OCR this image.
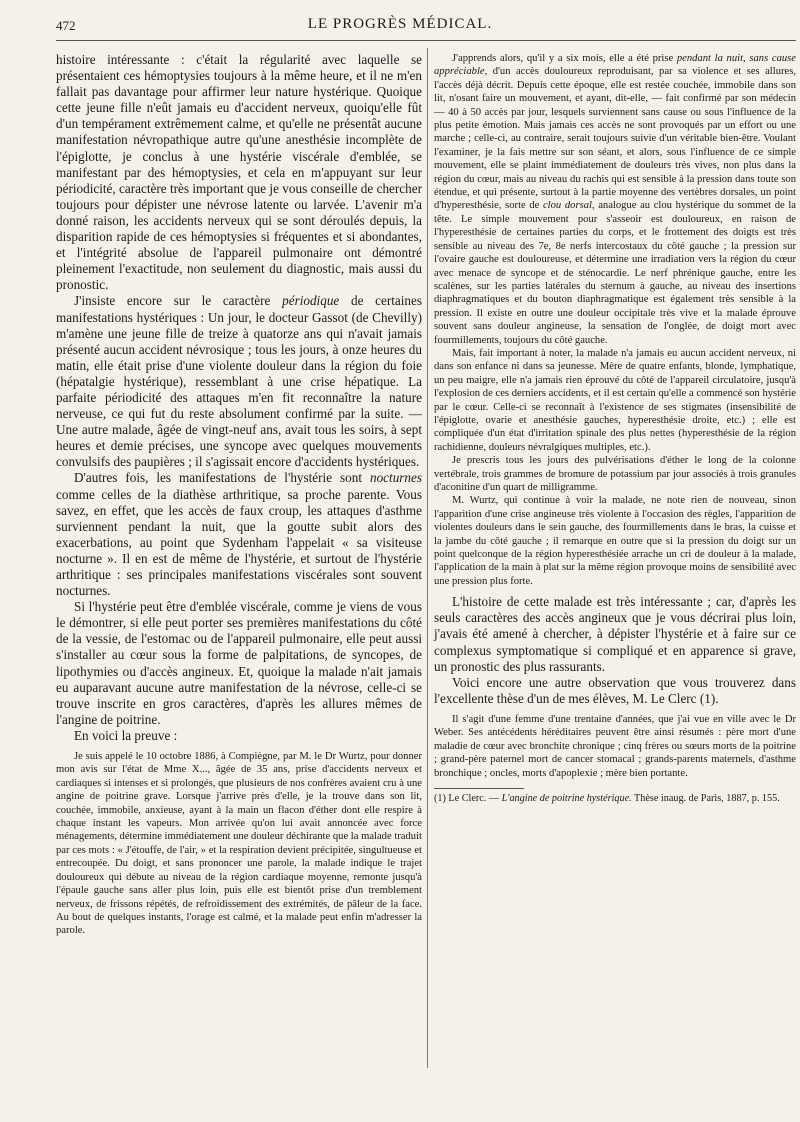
472	LE PROGRÈS MÉDICAL.

histoire intéressante : c'était la régularité avec laquelle se présentaient ces hémoptysies toujours à la même heure, et il ne m'en fallait pas davantage pour affirmer leur nature hystérique. Quoique cette jeune fille n'eût jamais eu d'accident nerveux, quoiqu'elle fût d'un tempérament extrêmement calme, et qu'elle ne présentât aucune manifestation névropathique autre qu'une anesthésie incomplète de l'épiglotte, je conclus à une hystérie viscérale d'emblée, se manifestant par des hémoptysies, et cela en m'appuyant sur leur périodicité, caractère très important que je vous conseille de chercher toujours pour dépister une névrose latente ou larvée. L'avenir m'a donné raison, les accidents nerveux qui se sont déroulés depuis, la disparition rapide de ces hémoptysies si fréquentes et si abondantes, et l'intégrité absolue de l'appareil pulmonaire ont démontré pleinement l'exactitude, non seulement du diagnostic, mais aussi du pronostic.

J'insiste encore sur le caractère périodique de certaines manifestations hystériques : Un jour, le docteur Gassot (de Chevilly) m'amène une jeune fille de treize à quatorze ans qui n'avait jamais présenté aucun accident névrosique ; tous les jours, à onze heures du matin, elle était prise d'une violente douleur dans la région du foie (hépatalgie hystérique), ressemblant à une crise hépatique. La parfaite périodicité des attaques m'en fit reconnaître la nature nerveuse, ce qui fut du reste absolument confirmé par la suite. — Une autre malade, âgée de vingt-neuf ans, avait tous les soirs, à sept heures et demie précises, une syncope avec quelques mouvements convulsifs des paupières ; il s'agissait encore d'accidents hystériques.

D'autres fois, les manifestations de l'hystérie sont nocturnes comme celles de la diathèse arthritique, sa proche parente. Vous savez, en effet, que les accès de faux croup, les attaques d'asthme surviennent pendant la nuit, que la goutte subit alors des exacerbations, au point que Sydenham l'appelait « sa visiteuse nocturne ». Il en est de même de l'hystérie, et surtout de l'hystérie arthritique : ses principales manifestations viscérales sont souvent nocturnes.

Si l'hystérie peut être d'emblée viscérale, comme je viens de vous le démontrer, si elle peut porter ses premières manifestations du côté de la vessie, de l'estomac ou de l'appareil pulmonaire, elle peut aussi s'installer au cœur sous la forme de palpitations, de syncopes, de lipothymies ou d'accès angineux. Et, quoique la malade n'ait jamais eu auparavant aucune autre manifestation de la névrose, celle-ci se trouve inscrite en gros caractères, d'après les allures mêmes de l'angine de poitrine.

En voici la preuve :

Je suis appelé le 10 octobre 1886, à Compiègne, par M. le Dr Wurtz, pour donner mon avis sur l'état de Mme X..., âgée de 35 ans, prise d'accidents nerveux et cardiaques si intenses et si prolongés, que plusieurs de nos confrères avaient cru à une angine de poitrine grave. Lorsque j'arrive près d'elle, je la trouve dans son lit, couchée, immobile, anxieuse, ayant à la main un flacon d'éther dont elle respire à chaque instant les vapeurs. Mon arrivée qu'on lui avait annoncée avec force ménagements, détermine immédiatement une douleur déchirante que la malade traduit par ces mots : « J'étouffe, de l'air, » et la respiration devient précipitée, singultueuse et entrecoupée. Du doigt, et sans prononcer une parole, la malade indique le trajet douloureux qui débute au niveau de la région cardiaque moyenne, remonte jusqu'à l'épaule gauche sans aller plus loin, puis elle est bientôt prise d'un tremblement nerveux, de frissons répétés, de refroidissement des extrémités, de pâleur de la face. Au bout de quelques instants, l'orage est calmé, et la malade peut enfin m'adresser la parole.

J'apprends alors, qu'il y a six mois, elle a été prise pendant la nuit, sans cause appréciable, d'un accès douloureux reproduisant, par sa violence et ses allures, l'accès déjà décrit. Depuis cette époque, elle est restée couchée, immobile dans son lit, n'osant faire un mouvement, et ayant, dit-elle, — fait confirmé par son médecin — 40 à 50 accès par jour, lesquels surviennent sans cause ou sous l'influence de la plus petite émotion. Mais jamais ces accès ne sont provoqués par un effort ou une marche ; celle-ci, au contraire, serait toujours suivie d'un véritable bien-être. Voulant l'examiner, je la fais mettre sur son séant, et alors, sous l'influence de ce simple mouvement, elle se plaint immédiatement de douleurs très vives, non plus dans la région du cœur, mais au niveau du rachis qui est sensible à la pression dans toute son étendue, et qui présente, surtout à la partie moyenne des vertèbres dorsales, un point d'hyperesthésie, sorte de clou dorsal, analogue au clou hystérique du sommet de la tête. Le simple mouvement pour s'asseoir est douloureux, en raison de l'hyperesthésie de certaines parties du corps, et le frottement des doigts est très sensible au niveau des 7e, 8e nerfs intercostaux du côté gauche ; la pression sur l'ovaire gauche est douloureuse, et détermine une irradiation vers la région du cœur avec menace de syncope et de sténocardie. Le nerf phrénique gauche, entre les scalènes, sur les parties latérales du sternum à gauche, au niveau des insertions diaphragmatiques et du bouton diaphragmatique est également très sensible à la pression. Il existe en outre une douleur occipitale très vive et la malade éprouve souvent sans douleur angineuse, la sensation de l'onglée, de doigt mort avec fourmillements, toujours du côté gauche.

Mais, fait important à noter, la malade n'a jamais eu aucun accident nerveux, ni dans son enfance ni dans sa jeunesse. Mère de quatre enfants, blonde, lymphatique, un peu maigre, elle n'a jamais rien éprouvé du côté de l'appareil circulatoire, jusqu'à l'explosion de ces derniers accidents, et il est certain qu'elle a commencé son hystérie par le cœur. Celle-ci se reconnaît à l'existence de ses stigmates (insensibilité de l'épiglotte, ovarie et anesthésie gauches, hyperesthésie droite, etc.) ; elle est compliquée d'un état d'irritation spinale des plus nettes (hyperesthésie de la région rachidienne, douleurs névralgiques multiples, etc.).

Je prescris tous les jours des pulvérisations d'éther le long de la colonne vertébrale, trois grammes de bromure de potassium par jour associés à trois granules d'aconitine d'un quart de milligramme.

M. Wurtz, qui continue à voir la malade, ne note rien de nouveau, sinon l'apparition d'une crise angineuse très violente à l'occasion des règles, l'apparition de violentes douleurs dans le sein gauche, des fourmillements dans le bras, la cuisse et la jambe du côté gauche ; il remarque en outre que si la pression du doigt sur un point quelconque de la région hyperesthésiée arrache un cri de douleur à la malade, l'application de la main à plat sur la même région provoque moins de sensibilité avec une pression plus forte.

L'histoire de cette malade est très intéressante ; car, d'après les seuls caractères des accès angineux que je vous décrirai plus loin, j'avais été amené à chercher, à dépister l'hystérie et à faire sur ce complexus symptomatique si compliqué et en apparence si grave, un pronostic des plus rassurants.

Voici encore une autre observation que vous trouverez dans l'excellente thèse d'un de mes élèves, M. Le Clerc (1).

Il s'agit d'une femme d'une trentaine d'années, que j'ai vue en ville avec le Dr Weber. Ses antécédents héréditaires peuvent être ainsi résumés : père mort d'une maladie de cœur avec bronchite chronique ; cinq frères ou sœurs morts de la poitrine ; grand-père paternel mort de cancer stomacal ; grands-parents maternels, d'asthme bronchique ; oncles, morts d'apoplexie ; mère bien portante.

(1) Le Clerc. — L'angine de poitrine hystérique. Thèse inaug. de Paris, 1887, p. 155.
